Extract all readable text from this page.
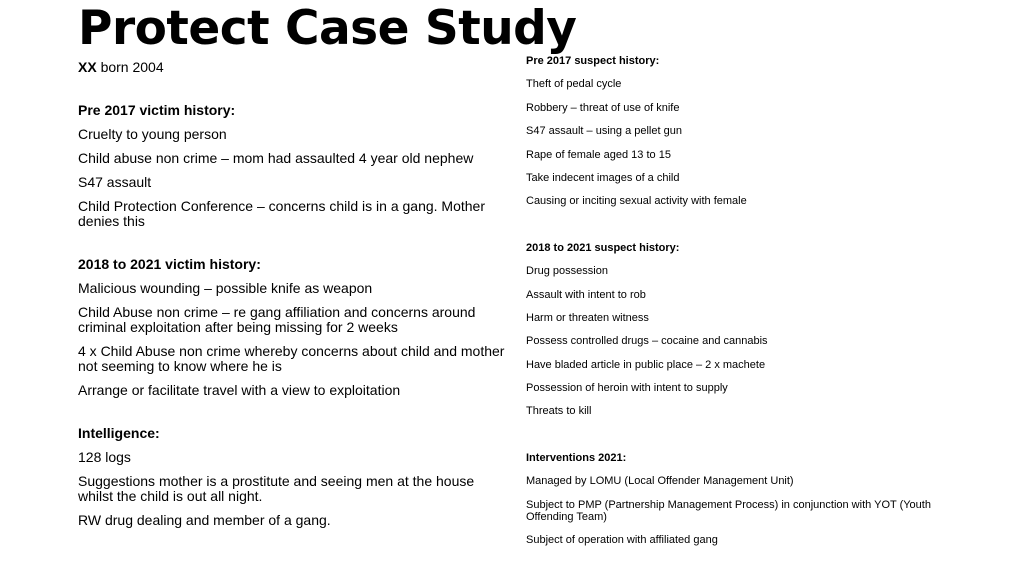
Protect Case Study

XX born 2004

Pre 2017 victim history:

Cruelty to young person

Child abuse non crime – mom had assaulted 4 year old nephew

S47 assault

Child Protection Conference – concerns child is in a gang. Mother denies this

2018 to 2021 victim history:

Malicious wounding – possible knife as weapon

Child Abuse non crime – re gang affiliation and concerns around criminal exploitation after being missing for 2 weeks

4 x Child Abuse non crime whereby concerns about child and mother not seeming to know where he is

Arrange or facilitate travel with a view to exploitation

Intelligence:

128 logs

Suggestions mother is a prostitute and seeing men at the house whilst the child is out all night.

RW drug dealing and member of a gang.

Pre 2017 suspect history:

Theft of pedal cycle

Robbery – threat of use of knife

S47 assault – using a pellet gun

Rape of female aged 13 to 15

Take indecent images of a child

Causing or inciting sexual activity with female

2018 to 2021 suspect history:

Drug possession

Assault with intent to rob

Harm or threaten witness

Possess controlled drugs – cocaine and cannabis

Have bladed article in public place – 2 x machete

Possession of heroin with intent to supply

Threats to kill

Interventions 2021:

Managed by LOMU (Local Offender Management Unit)

Subject to PMP (Partnership Management Process) in conjunction with YOT (Youth Offending Team)

Subject of operation with affiliated gang
